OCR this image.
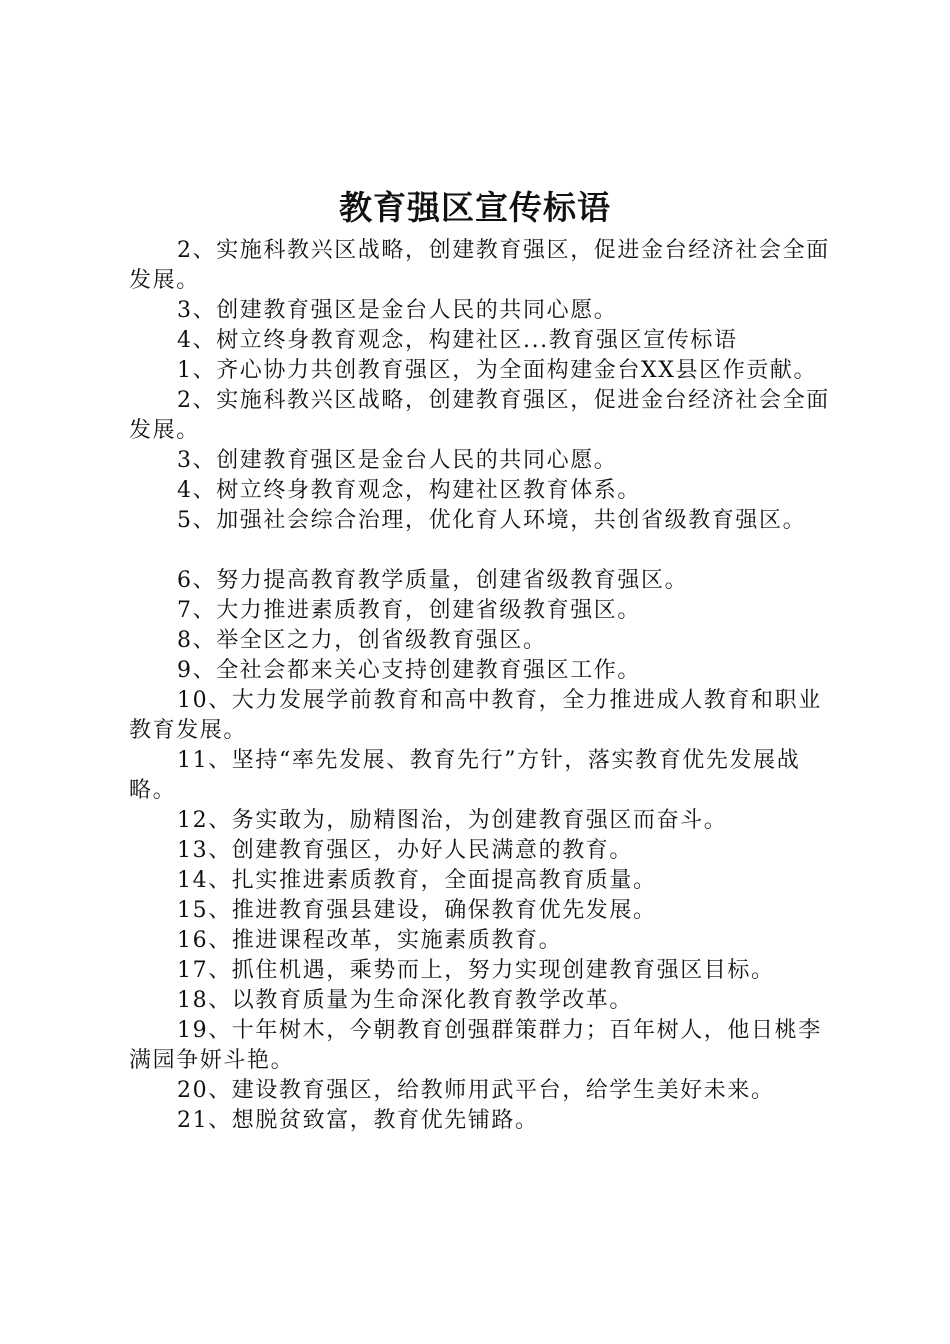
教育强区宣传标语

2、实施科教兴区战略，创建教育强区，促进金台经济社会全面发展。

3、创建教育强区是金台人民的共同心愿。

4、树立终身教育观念，构建社区...教育强区宣传标语

1、齐心协力共创教育强区，为全面构建金台XX县区作贡献。

2、实施科教兴区战略，创建教育强区，促进金台经济社会全面发展。

3、创建教育强区是金台人民的共同心愿。

4、树立终身教育观念，构建社区教育体系。

5、加强社会综合治理，优化育人环境，共创省级教育强区。

6、努力提高教育教学质量，创建省级教育强区。

7、大力推进素质教育，创建省级教育强区。

8、举全区之力，创省级教育强区。

9、全社会都来关心支持创建教育强区工作。

10、大力发展学前教育和高中教育，全力推进成人教育和职业教育发展。

11、坚持“率先发展、教育先行”方针，落实教育优先发展战略。

12、务实敢为，励精图治，为创建教育强区而奋斗。

13、创建教育强区，办好人民满意的教育。

14、扎实推进素质教育，全面提高教育质量。

15、推进教育强县建设，确保教育优先发展。

16、推进课程改革，实施素质教育。

17、抓住机遇，乘势而上，努力实现创建教育强区目标。

18、以教育质量为生命深化教育教学改革。

19、十年树木，今朝教育创强群策群力；百年树人，他日桃李满园争妍斗艳。

20、建设教育强区，给教师用武平台，给学生美好未来。

21、想脱贫致富，教育优先铺路。
